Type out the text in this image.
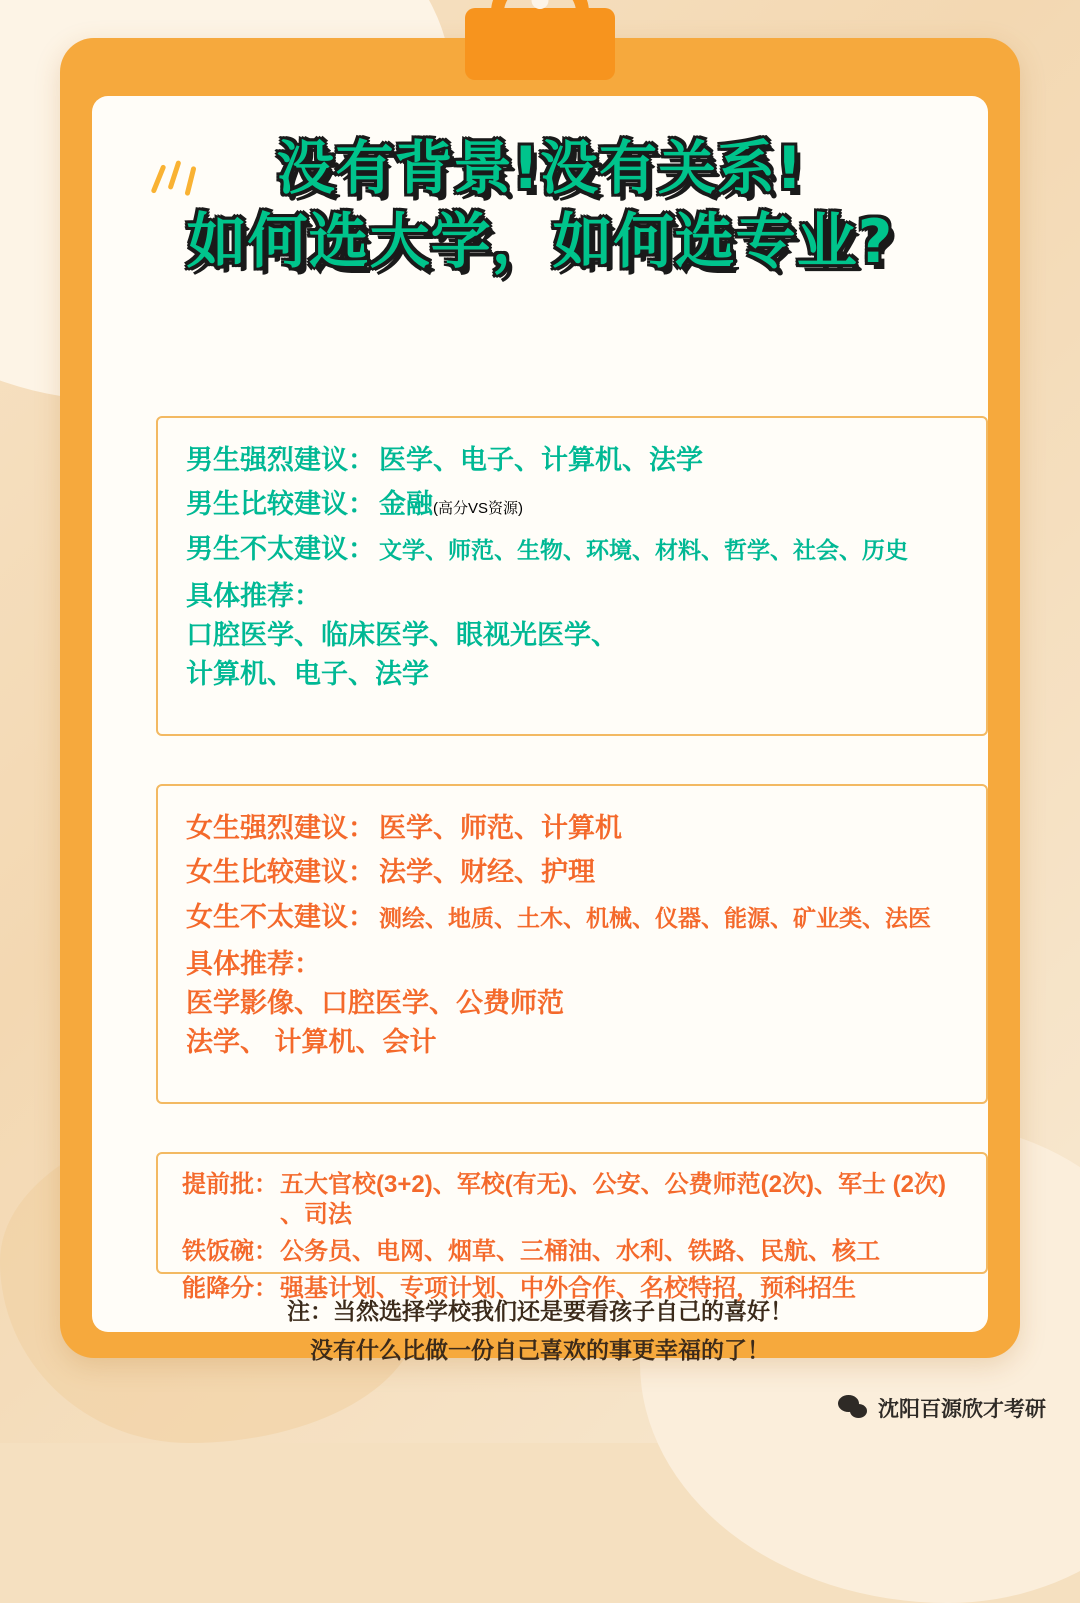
没有背景!没有关系!
如何选大学，如何选专业?
男生强烈建议： 医学、电子、计算机、法学
男生比较建议： 金融 (高分VS资源)
男生不太建议： 文学、师范、生物、环境、材料、哲学、社会、历史
具体推荐：
口腔医学、临床医学、眼视光医学、
计算机、电子、法学
女生强烈建议： 医学、师范、计算机
女生比较建议： 法学、财经、护理
女生不太建议： 测绘、地质、土木、机械、仪器、能源、矿业类、法医
具体推荐：
医学影像、口腔医学、公费师范
法学、 计算机、会计
提前批： 五大官校(3+2)、军校(有无)、公安、公费师范(2次)、军士 (2次) 、司法
铁饭碗： 公务员、电网、烟草、三桶油、水利、铁路、民航、核工
能降分： 强基计划、专项计划、中外合作、名校特招，预科招生
注：当然选择学校我们还是要看孩子自己的喜好！
没有什么比做一份自己喜欢的事更幸福的了！
沈阳百源欣才考研
